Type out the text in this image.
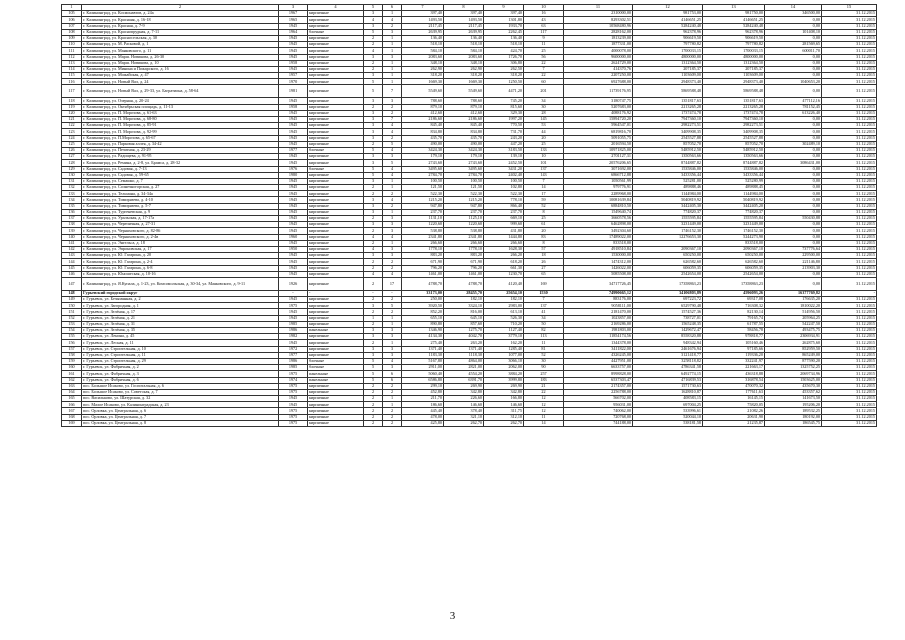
1	2	3	4	5	6	7	8	9	10	11	12	13	14	15
105	г. Калининград, ул. Космонавтов, д. 24а	1967	кирпичные	3	1	397,40	397,40	397,40	16	2310000,00	981753,00	981750,00	346500,00	31.12.2015
106	г. Калининград, ул. Краснаяя, д. 16-18	1965	кирпичные	4	4	1493,50	1493,50	1301,80	43	8293302,51	4146651,25	4146651,25	0,00	31.12.2015
107	г. Калининград, ул. Красная, д. 7-9	1945	кирпичные	3	2	2117,45	2117,45	1933,70	63	10568480,96	5284240,48	5284240,48	0,00	31.12.2015
108	г. Калининград, ул. Краснопрудная, д. 7-11	1964	блочные	5	3	2639,95	2639,95	2262,45	117	2828162,00	962378,96	962378,96	101408,10	31.12.2015
109	г. Калининград, ул. Красносельская, д. 30	1945	кирпичные	2	1	136,40	136,40	136,40	9	1813239,00	906619,50	906619,50	0,00	31.12.2015
110	г. Калининград, ул. М. Расковой, д. 1	1945	кирпичные	2	1	518,10	518,10	518,10	11	1877331,00	797780,82	797780,82	281569,65	31.12.2015
111	г. Калининград, ул. Маяковского, д. 11	1945	кирпичные	4	1	584,10	584,10	424,70	25	4000078,00	1700033,15	1700033,15	600011,70	31.12.2015
112	г. Калининград, ул. Марш. Новикова, д. 26-30	1945	кирпичные	3	3	2083,60	2083,60	1726,70	56	9600000,00	4800000,00	4800000,00	0,00	31.12.2015
113	г. Калининград, ул. Марш. Новикова, д. 10	1958	кирпичные	2	1	348,10	348,10	306,80	22	2624729,00	1312364,50	1312364,50	0,00	31.12.2015
114	г. Калининград, ул. Минина и Пожарского, д. 16	1945	кирпичные	2	1	262,90	262,90	262,50	7	414370,76	207185,37	207185,37	0,00	31.12.2015
115	г. Калининград, ул. Можайская, д. 47	1957	кирпичные	3	1	318,20	318,20	318,20	22	2207250,00	1103609,00	1103609,00	0,00	31.12.2015
116	г. Калининград, ул. Новый Вал, д. 24	1970	кирпичные	5	1	1669,30	1669,30	1250,50	60	6927688,00	2948373,40	2948373,40	1040653,20	31.12.2015
117	г. Калининград, ул. Новый Вал, д. 29-33, ул. Багратиона, д. 58-64	1981	кирпичные	5	7	5549,60	5549,60	4471,20	201	11739176,95	5869588,48	5869588,48	0,00	31.12.2015
118	г. Калининград, ул. Озерная, д. 20-24	1945	кирпичные	3	3	788,60	788,60	745,20	34	3180747,75	1351817,63	1351817,63	477112,16	31.12.2015
119	г. Калининград, ул. Октябрьская площадь, д. 11-13	1958	кирпичные	2	2	879,10	879,10	815,60	30	5207683,00	2213265,28	2213265,28	781152,45	31.12.2015
120	г. Калининград, ул. П. Морозова, д. 61-63	1945	кирпичные	3	2	412,60	412,60	329,30	28	4088176,92	1737474,78	1737474,78	613226,40	31.12.2015
121	г. Калининград, ул. П. Морозова, д. 68-80	1945	кирпичные	3	7	2186,60	2186,60	1997,20	145	15894720,20	7947360,10	7947360,10	0,00	31.12.2015
122	г. Калининград, ул. П. Морозова, д. 85-91	1945	кирпичные	3	4	845,40	845,40	770,50	53	5964547,01	2982273,51	2982273,51	0,00	31.12.2015
123	г. Калининград, ул. П. Морозова, д. 92-99	1945	кирпичные	3	4	834,80	834,80	731,70	44	6819816,70	3409908,35	3409908,35	0,00	31.12.2015
124	г. Калининград, ул. П.Морозова, д. 65-67	1945	кирпичные	3	2	435,70	435,70	243,20	20	5091055,75	2545527,88	2545527,88	0,00	31.12.2015
125	г. Калининград, ул. Парковая аллея, д. 34-42	1945	кирпичные	2	5	490,00	490,00	447,20	25	2016594,50	857052,70	857052,70	302489,10	31.12.2015
126	г. Калининград, ул. Печатная, д. 23-29	1977	блочные	5	4	3424,30	3424,30	3183,50	133	10971825,00	5485912,50	5485912,50	0,00	31.12.2015
127	г. Калининград, ул. Радищева, д. 91-95	1945	кирпичные	3	3	179,10	179,10	139,10	10	2701127,31	1350563,66	1350563,66	0,00	31.12.2015
128	г. Калининград, ул. Ремина, д. 2-8, ул. Брамса, д. 28-32	1945	кирпичные	3	5	2743,60	2743,60	2452,50	101	20576206,65	8744887,82	8744887,82	3086431,00	31.12.2015
129	г. Калининград, ул. Садовая, д. 7-13	1976	блочные	5	4	3495,60	3495,60	3431,20	137	3071692,00	1535846,00	1535846,00	0,00	31.12.2015
130	г. Калининград, ул. Садовая, д. 59-65	1980	кирпичные	5	4	2784,70	2784,70	2402,40	143	6866712,88	3433356,44	3433356,44	0,00	31.12.2015
131	г. Калининград, ул. Семашко, д. 7	1945	кирпичные	3	1	100,50	100,50	100,50	7	1050561,99	525281,00	525280,99	0,00	31.12.2015
132	г. Калининград, ул. Солнечногорская, д. 27	1945	кирпичные	2	1	121,50	121,50	102,80	14	979776,91	489888,46	489888,45	0,00	31.12.2015
133	г. Калининград, ул. Тельмана, д. 34-34а	1945	кирпичные	2	2	522,30	522,30	522,30	17	2289968,00	1144984,00	1144984,00	0,00	31.12.2015
134	г. Калининград, ул. Тимирязева, д. 4-10	1945	кирпичные	3	4	1215,20	1215,20	778,10	59	10081639,84	5040819,92	5040819,92	0,00	31.12.2015
135	г. Калининград, ул. Тимирязева, д. 5-7	1945	кирпичные	3	2	947,80	947,80	866,40	52	6884810,50	3442405,30	3442405,20	0,00	31.12.2015
136	г. Калининград, ул. Тургеневская, д. 9	1945	кирпичные	3	1	237,70	237,70	237,70	8	1549640,74	774820,37	774820,37	0,00	31.12.2015
137	г. Калининград, ул. Уральская, д. 17-17а	1945	кирпичные	2	3	1131,10	1125,10	669,10	25	3660578,56	1555595,84	1555595,84	550430,88	31.12.2015
138	г. Калининград, ул. Черепичная, д. 27-31	1945	кирпичные	3	3	1220,60	1220,60	999,60	61	6462898,00	3231449,00	3231449,00	0,00	31.12.2015
139	г. Калининград, ул. Черняховского, д. 82-86	1945	кирпичные	2	3	538,80	538,80	431,80	20	3492304,60	1746152,30	1746152,30	0,00	31.12.2015
140	г. Калининград, ул. Черняховского, д. 2-4в	1960	кирпичные	4	4	2341,80	2341,80	1444,80	83	17489022,00	12276653,30	5244273,90	0,00	31.12.2015
141	г. Калининград, ул. Энгельса, д. 18	1945	кирпичные	2	1	266,60	266,60	266,60	8	833518,00		833518,00	0,00	31.12.2015
142	г. Калининград, ул. Эпроновская, д. 17	1950	кирпичные	4	3	1778,10	1778,10	1628,30	57	4918510,84	2090367,10	2090367,10	737776,64	31.12.2015
143	г. Калининград, ул. Ю. Гагарина, д. 20	1945	кирпичные	3	3	883,20	883,20	266,20	18	1530000,00	650250,00	650250,00	229500,00	31.12.2015
144	г. Калининград, ул. Ю. Гагарина, д. 2-4	1945	кирпичные	2	2	671,90	671,90	618,20	26	1474312,00	626582,60	626582,60	221146,80	31.12.2015
145	г. Калининград, ул. Ю. Гагарина, д. 6-8	1945	кирпичные	2	2	796,20	796,20	661,30	27	1426022,00	606059,35	606059,35	213903,30	31.12.2015
146	г. Калининград, ул. Юношеская, д. 10-16	1945	кирпичные	4	4	1461,00	1461,00	1230,70	65	5085508,00	2542654,00	2542654,00	0,00	31.12.2015
147	г. Калининград, ул. Я.Купала, д. 1-23, ул. Комсомольская, д. 30-34, ул. Маяковского, д. 9-11	1926	кирпичные	2	17	4788,70	4788,70	4120,40	169	34717726,45	17358863,23	17358863,23	0,00	31.12.2015
148	Гурьевский городской округ	-	-	-	-	33173,00	28455,70	25654,10	1530	74990665,12	34106803,89	4596093,26	16377769,82	-
149	г. Гурьевск, ул. Безымянная, д. 2	1945	кирпичные	2	2	250,00	182,10	182,10	7	883176,00	697223,72	69317,08	176635,20	31.12.2015
150	г. Гурьевск, ул. Загородная, д. 1	1975	кирпичные	3	5	3920,50	3324,10	2983,00	137	9058111,00	6529790,48	716308,32	1810022,20	31.12.2015
151	г. Гурьевск, ул. Зелёная, д. 17	1945	кирпичные	2	2	852,20	816,00	613,10	41	2181470,00	1574527,36	82130,14	514956,50	31.12.2015
152	г. Гурьевск, ул. Зелёная, д. 21	1945	кирпичные	1	1	655,10	645,10	526,30	34	1023857,00	738727,01	79165,74	205964,25	31.12.2015
153	г. Гурьевск, ул. Зелёная, д. 31	1985	кирпичные	2	1	890,80	857,60	710,20	50	2169286,00	1565248,35	61787,55	542247,50	31.12.2015
154	г. Гурьевск, ул. Зелёная, д. 35	1986	панельные	3	3	1346,90	1275,70	1127,40	82	1981803,00	1429672,47	58456,78	493475,75	31.12.2015
155	г. Гурьевск, ул. Ленина, д. 45	1982	кирпичные	3	3	4134,30	4042,70	3779,10	113	11854174,56	8558320,88	978818,77	2306934,91	31.12.2015
156	г. Гурьевск, ул. Лесная, д. 11	1945	кирпичные	2	1	275,40	263,20	162,20	11	1344378,00	948342,94	105160,46	262875,60	31.12.2015
157	г. Гурьевск, ул. Строительная, д. 10	1972	кирпичные	3	3	1371,40	1371,40	1285,40	81	3411822,00	2461676,94	97185,66	852959,50	31.12.2015
158	г. Гурьевск, ул. Строительная, д. 11	1977	кирпичные	3	3	1183,30	1118,30	1077,00	52	4326245,00	3121418,77	119336,20	865249,00	31.12.2015
159	г. Гурьевск, ул. Строительная, д. 29	1986	блочные	5	4	5167,80	4864,00	3066,10	30	4427951,00	3258118,82	332241,97	877590,20	31.12.2015
160	г. Гурьевск, ул. Фабричная, д. 2	1985	блочные	5	3	2911,00	2821,00	2062,00	90	6633757,00	4786341,58	221663,17	1325752,25	31.12.2015
161	г. Гурьевск, ул. Фабричная, д. 3	1975	панельные	5	6	5060,40	4554,20	3884,20	257	8998828,00	6492774,15	436318,88	2069734,96	31.12.2015
162	г. Гурьевск, ул. Фабричная, д. 6	1974	панельные	5	6	6586,80	6391,70	3999,80	183	6537303,47	4716839,53	316878,54	1503625,00	31.12.2015
163	пос. Большое Исаково, ул. Госпитальная, д. 6	1975	кирпичные	2	2	299,10	269,90	269,90	21	2174357,00	1571730,63	470070,32	435670,30	31.12.2015
164	пос. Большое Исаково, ул. Советская, д. 7	1975	кирпичные	2	2	452,80	342,80	342,80	22	2256788,00	1628810,87	177611,63	453357,62	31.12.2015
165	пос. Васильково, ул. Шатурская, д. 32	1945	кирпичные	2	1	211,70	226,60	166,80	12	566702,00	408583,15	16145,15	141673,50	31.12.2015
166	пос. Малое Исаково, ул. Калининградская, д. 23	1945	кирпичные	2	1	186,60	146,60	146,60	12	956031,00	697004,25	75820,05	195206,20	31.12.2015
167	пос. Орловка, ул. Центральная, д. 6	1975	кирпичные	2	2	445,40	378,40	311,75	12	740062,00	533996,61	21082,26	189532,25	31.12.2015
168	пос. Орловка, ул. Центральная, д. 7	1975	кирпичные	2	2	478,00	321,10	312,10	11	720768,00	520044,10	20631,90	180192,00	31.12.2015
169	пос. Орловка, ул. Центральная, д. 8	1975	кирпичные	2	2	425,80	262,70	262,70	14	744188,00	538181,58	21235,87	186545,75	31.12.2015
3
